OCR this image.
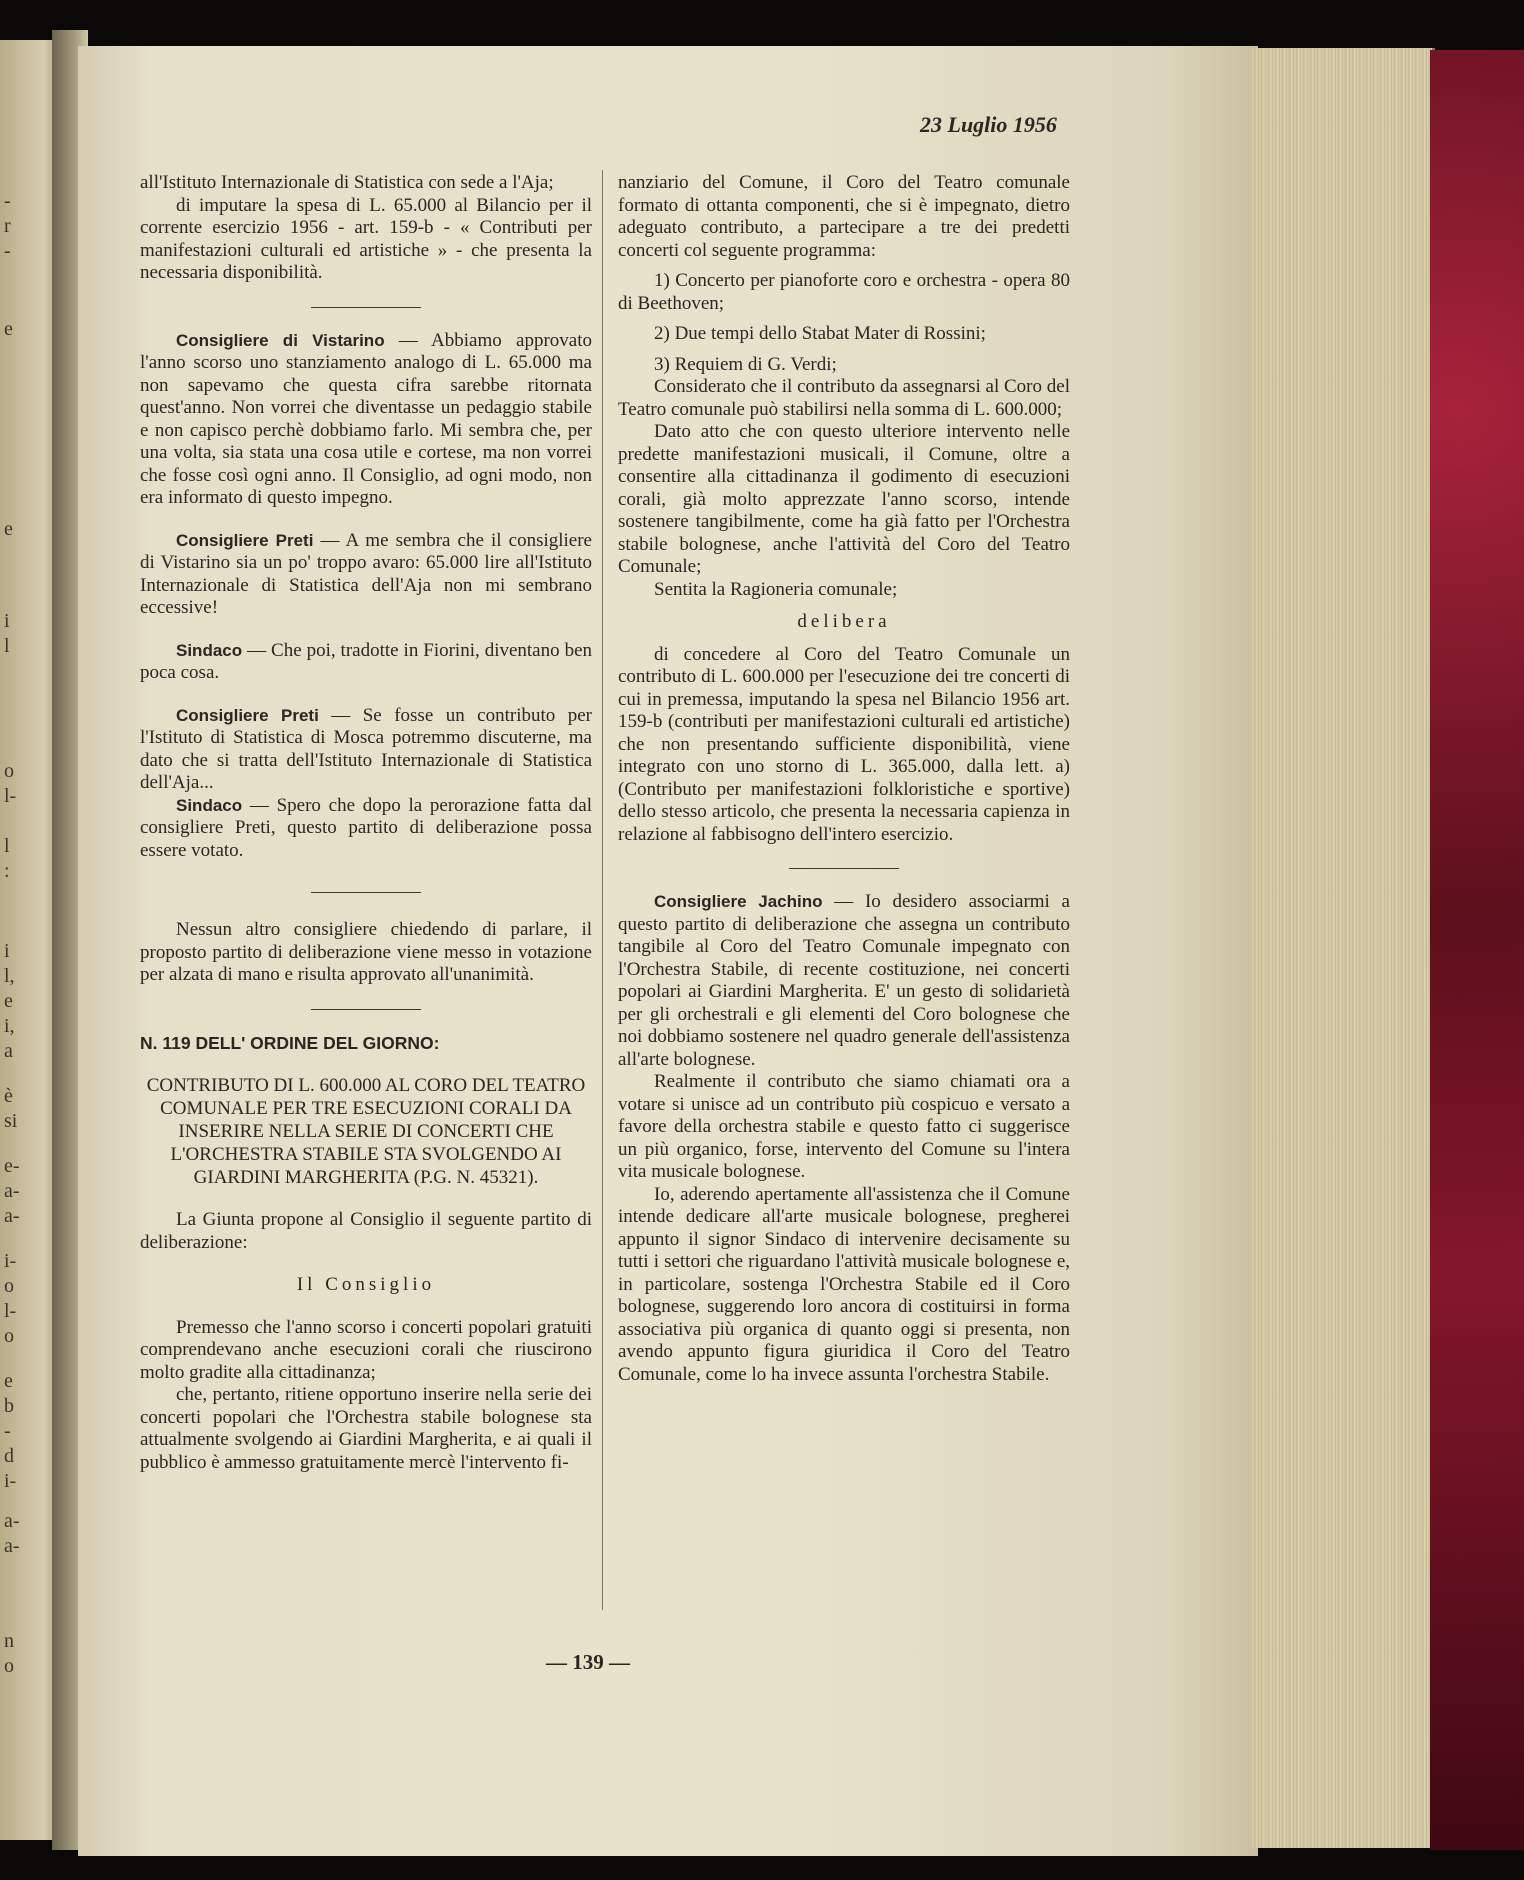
-
r
-
e
e
i
l
o
l-
l
:
i
l,
e
i,
a
è
si
e-
a-
a-
i-
o
l-
o
e
b
-
d
i-
a-
a-
n
o
23 Luglio 1956

all'Istituto Internazionale di Statistica con sede a l'Aja;

di imputare la spesa di L. 65.000 al Bilancio per il corrente esercizio 1956 - art. 159-b - « Contributi per manifestazioni culturali ed artistiche » - che presenta la necessaria disponibilità.

Consigliere di Vistarino — Abbiamo approvato l'anno scorso uno stanziamento analogo di L. 65.000 ma non sapevamo che questa cifra sarebbe ritornata quest'anno. Non vorrei che diventasse un pedaggio stabile e non capisco perchè dobbiamo farlo. Mi sembra che, per una volta, sia stata una cosa utile e cortese, ma non vorrei che fosse così ogni anno. Il Consiglio, ad ogni modo, non era informato di questo impegno.

Consigliere Preti — A me sembra che il consigliere di Vistarino sia un po' troppo avaro: 65.000 lire all'Istituto Internazionale di Statistica dell'Aja non mi sembrano eccessive!

Sindaco — Che poi, tradotte in Fiorini, diventano ben poca cosa.

Consigliere Preti — Se fosse un contributo per l'Istituto di Statistica di Mosca potremmo discuterne, ma dato che si tratta dell'Istituto Internazionale di Statistica dell'Aja...

Sindaco — Spero che dopo la perorazione fatta dal consigliere Preti, questo partito di deliberazione possa essere votato.

Nessun altro consigliere chiedendo di parlare, il proposto partito di deliberazione viene messo in votazione per alzata di mano e risulta approvato all'unanimità.

N. 119 DELL' ORDINE DEL GIORNO:

CONTRIBUTO DI L. 600.000 AL CORO DEL TEATRO COMUNALE PER TRE ESECUZIONI CORALI DA INSERIRE NELLA SERIE DI CONCERTI CHE L'ORCHESTRA STABILE STA SVOLGENDO AI GIARDINI MARGHERITA (P.G. N. 45321).

La Giunta propone al Consiglio il seguente partito di deliberazione:

Il Consiglio

Premesso che l'anno scorso i concerti popolari gratuiti comprendevano anche esecuzioni corali che riuscirono molto gradite alla cittadinanza;

che, pertanto, ritiene opportuno inserire nella serie dei concerti popolari che l'Orchestra stabile bolognese sta attualmente svolgendo ai Giardini Margherita, e ai quali il pubblico è ammesso gratuitamente mercè l'intervento fi-

nanziario del Comune, il Coro del Teatro comunale formato di ottanta componenti, che si è impegnato, dietro adeguato contributo, a partecipare a tre dei predetti concerti col seguente programma:

1) Concerto per pianoforte coro e orchestra - opera 80 di Beethoven;

2) Due tempi dello Stabat Mater di Rossini;

3) Requiem di G. Verdi;

Considerato che il contributo da assegnarsi al Coro del Teatro comunale può stabilirsi nella somma di L. 600.000;

Dato atto che con questo ulteriore intervento nelle predette manifestazioni musicali, il Comune, oltre a consentire alla cittadinanza il godimento di esecuzioni corali, già molto apprezzate l'anno scorso, intende sostenere tangibilmente, come ha già fatto per l'Orchestra stabile bolognese, anche l'attività del Coro del Teatro Comunale;

Sentita la Ragioneria comunale;

delibera

di concedere al Coro del Teatro Comunale un contributo di L. 600.000 per l'esecuzione dei tre concerti di cui in premessa, imputando la spesa nel Bilancio 1956 art. 159-b (contributi per manifestazioni culturali ed artistiche) che non presentando sufficiente disponibilità, viene integrato con uno storno di L. 365.000, dalla lett. a) (Contributo per manifestazioni folkloristiche e sportive) dello stesso articolo, che presenta la necessaria capienza in relazione al fabbisogno dell'intero esercizio.

Consigliere Jachino — Io desidero associarmi a questo partito di deliberazione che assegna un contributo tangibile al Coro del Teatro Comunale impegnato con l'Orchestra Stabile, di recente costituzione, nei concerti popolari ai Giardini Margherita. E' un gesto di solidarietà per gli orchestrali e gli elementi del Coro bolognese che noi dobbiamo sostenere nel quadro generale dell'assistenza all'arte bolognese.

Realmente il contributo che siamo chiamati ora a votare si unisce ad un contributo più cospicuo e versato a favore della orchestra stabile e questo fatto ci suggerisce un più organico, forse, intervento del Comune su l'intera vita musicale bolognese.

Io, aderendo apertamente all'assistenza che il Comune intende dedicare all'arte musicale bolognese, pregherei appunto il signor Sindaco di intervenire decisamente su tutti i settori che riguardano l'attività musicale bolognese e, in particolare, sostenga l'Orchestra Stabile ed il Coro bolognese, suggerendo loro ancora di costituirsi in forma associativa più organica di quanto oggi si presenta, non avendo appunto figura giuridica il Coro del Teatro Comunale, come lo ha invece assunta l'orchestra Stabile.

— 139 —
